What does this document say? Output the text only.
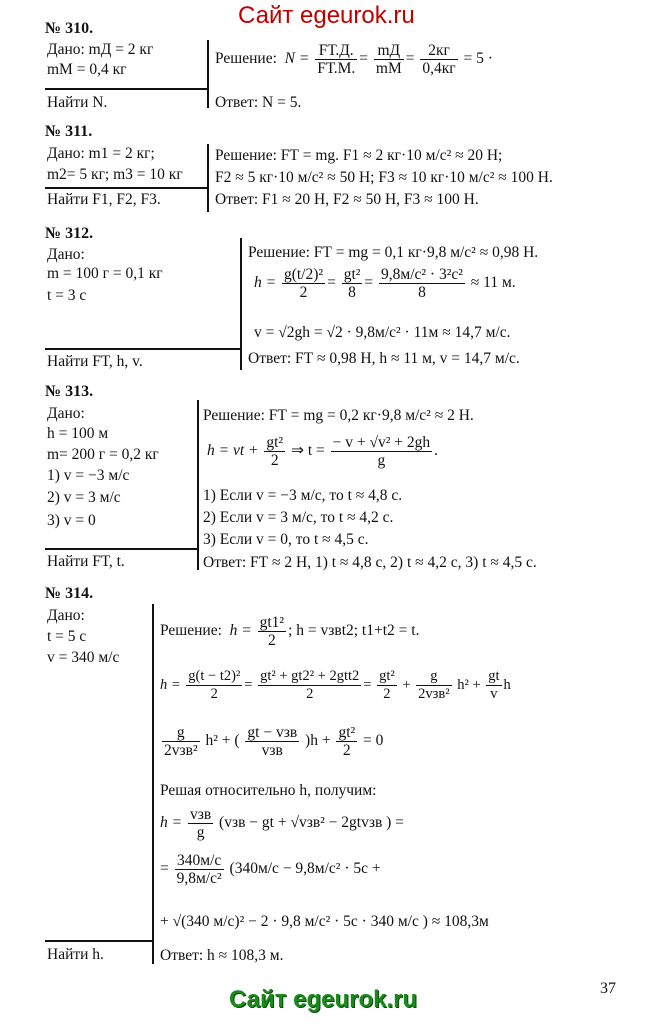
Сайт egeurok.ru
№ 310.
Дано: mД = 2 кг
mМ = 0,4 кг
Найти N.
Решение: $N = \frac{FТ.Д.}{FТ.М.} = \frac{mД}{mМ} = \frac{2кг}{0,4кг} = 5$ ·
Ответ: N = 5.
№ 311.
Дано: m1 = 2 кг;
m2= 5 кг; m3 = 10 кг
Найти F1, F2, F3.
Решение: FТ = mg. F1 ≈ 2 кг·10 м/с² ≈ 20 Н;
F2 ≈ 5 кг·10 м/с² ≈ 50 Н; F3 ≈ 10 кг·10 м/с² ≈ 100 Н.
Ответ: F1 ≈ 20 Н, F2 ≈ 50 Н, F3 ≈ 100 Н.
№ 312.
Дано:
m = 100 г = 0,1 кг
t = 3 с
Найти FТ, h, v.
Решение: FТ = mg = 0,1 кг·9,8 м/с² ≈ 0,98 Н.
$h = \frac{\text{g(t/2)²}}{2} = \frac{\text{gt²}}{8} = \frac{\text{9,8м/с² · 3²с²}}{8} \approx 11$ м.
v = √2gh = √2 · 9,8м/с² · 11м ≈ 14,7 м/с.
Ответ: FТ ≈ 0,98 Н, h ≈ 11 м, v = 14,7 м/с.
№ 313.
Дано:
h = 100 м
m= 200 г = 0,2 кг
1) v = −3 м/с
2) v = 3 м/с
3) v = 0
Найти FТ, t.
Решение: FТ = mg = 0,2 кг·9,8 м/с² ≈ 2 Н.
h = vt + $\frac{\text{gt²}}{2}$ ⇒ $t = \frac{\text{− v + √v² + 2gh}}{g}$ .
1) Если v = −3 м/с, то t ≈ 4,8 с.
2) Если v = 3 м/с, то t ≈ 4,2 с.
3) Если v = 0, то t ≈ 4,5 с.
Ответ: FТ ≈ 2 Н, 1) t ≈ 4,8 с, 2) t ≈ 4,2 с, 3) t ≈ 4,5 с.
№ 314.
Дано:
t = 5 с
v = 340 м/с
Найти h.
Решение: $h = \frac{\text{gt1²}}{2}$ ; h = vзвt2; t1+t2 = t.
$h = \frac{\text{g(t − t2)²}}{2} = \frac{\text{gt² + gt2² + 2gtt2}}{2} = \frac{\text{gt²}}{2} + \frac{g}{\text{2vзв²}} h^2 + \frac{gt}{v}$ h
$\frac{g}{\text{2vзв²}} h^2$ + ( $\frac{\text{gt − vзв}}{\text{vзв}} )h + \frac{\text{gt²}}{2} = 0$
Решая относительно h, получим:
$h = \frac{\text{vзв}}{g} (vзв$ − gt + √vзв² − 2gtvзв ) =
= $\frac{340м/с}{\text{9,8м/с²}} (340м/с - 9,8м/с^2 \cdot 5с$ +
+ √(340 м/с)² − 2 · 9,8 м/с² · 5с · 340 м/с ) ≈ 108,3м
Ответ: h ≈ 108,3 м.
37
Сайт egeurok.ru
